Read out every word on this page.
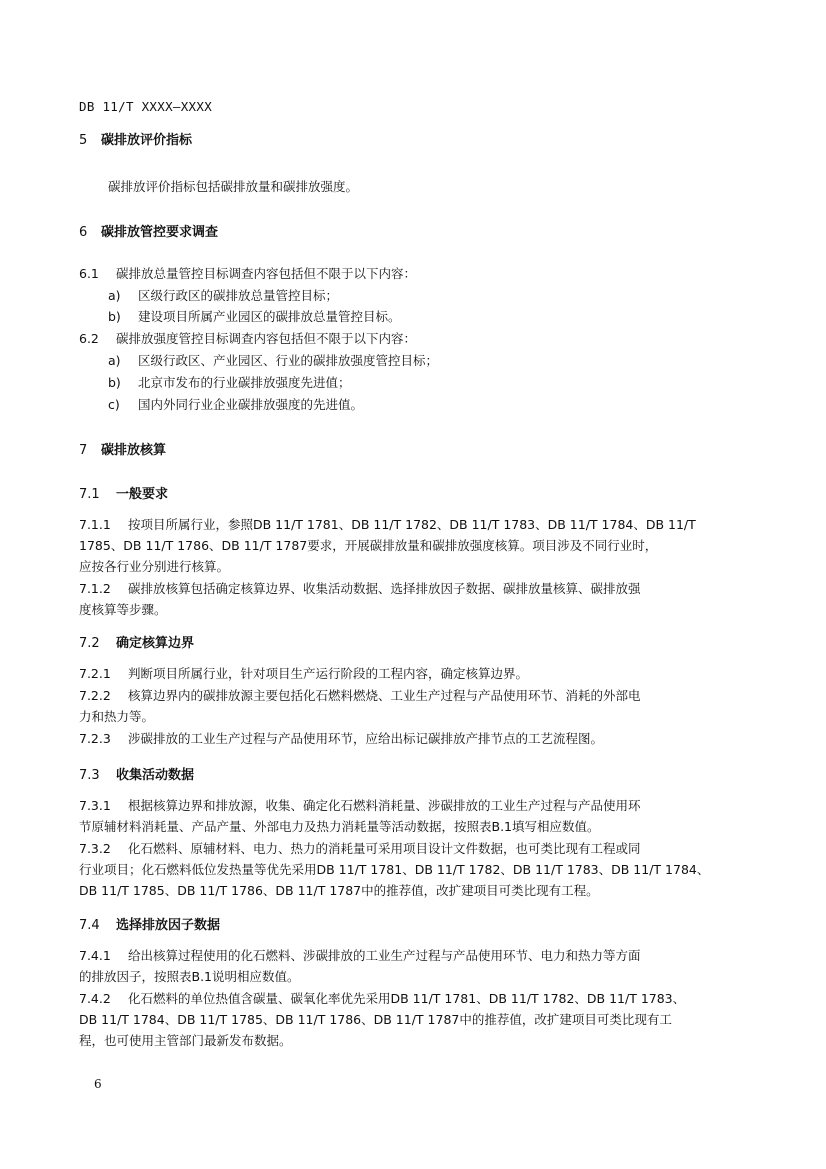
DB 11/T XXXX—XXXX
5 碳排放评价指标
碳排放评价指标包括碳排放量和碳排放强度。
6 碳排放管控要求调查
6.1 碳排放总量管控目标调查内容包括但不限于以下内容：
a) 区级行政区的碳排放总量管控目标；
b) 建设项目所属产业园区的碳排放总量管控目标。
6.2 碳排放强度管控目标调查内容包括但不限于以下内容：
a) 区级行政区、产业园区、行业的碳排放强度管控目标；
b) 北京市发布的行业碳排放强度先进值；
c) 国内外同行业企业碳排放强度的先进值。
7 碳排放核算
7.1 一般要求
7.1.1 按项目所属行业，参照DB 11/T 1781、DB 11/T 1782、DB 11/T 1783、DB 11/T 1784、DB 11/T
1785、DB 11/T 1786、DB 11/T 1787要求，开展碳排放量和碳排放强度核算。项目涉及不同行业时，
应按各行业分别进行核算。
7.1.2 碳排放核算包括确定核算边界、收集活动数据、选择排放因子数据、碳排放量核算、碳排放强
度核算等步骤。
7.2 确定核算边界
7.2.1 判断项目所属行业，针对项目生产运行阶段的工程内容，确定核算边界。
7.2.2 核算边界内的碳排放源主要包括化石燃料燃烧、工业生产过程与产品使用环节、消耗的外部电
力和热力等。
7.2.3 涉碳排放的工业生产过程与产品使用环节，应给出标记碳排放产排节点的工艺流程图。
7.3 收集活动数据
7.3.1 根据核算边界和排放源，收集、确定化石燃料消耗量、涉碳排放的工业生产过程与产品使用环
节原辅材料消耗量、产品产量、外部电力及热力消耗量等活动数据，按照表B.1填写相应数值。
7.3.2 化石燃料、原辅材料、电力、热力的消耗量可采用项目设计文件数据，也可类比现有工程或同
行业项目；化石燃料低位发热量等优先采用DB 11/T 1781、DB 11/T 1782、DB 11/T 1783、DB 11/T 1784、
DB 11/T 1785、DB 11/T 1786、DB 11/T 1787中的推荐值，改扩建项目可类比现有工程。
7.4 选择排放因子数据
7.4.1 给出核算过程使用的化石燃料、涉碳排放的工业生产过程与产品使用环节、电力和热力等方面
的排放因子，按照表B.1说明相应数值。
7.4.2 化石燃料的单位热值含碳量、碳氧化率优先采用DB 11/T 1781、DB 11/T 1782、DB 11/T 1783、
DB 11/T 1784、DB 11/T 1785、DB 11/T 1786、DB 11/T 1787中的推荐值，改扩建项目可类比现有工
程，也可使用主管部门最新发布数据。
6
